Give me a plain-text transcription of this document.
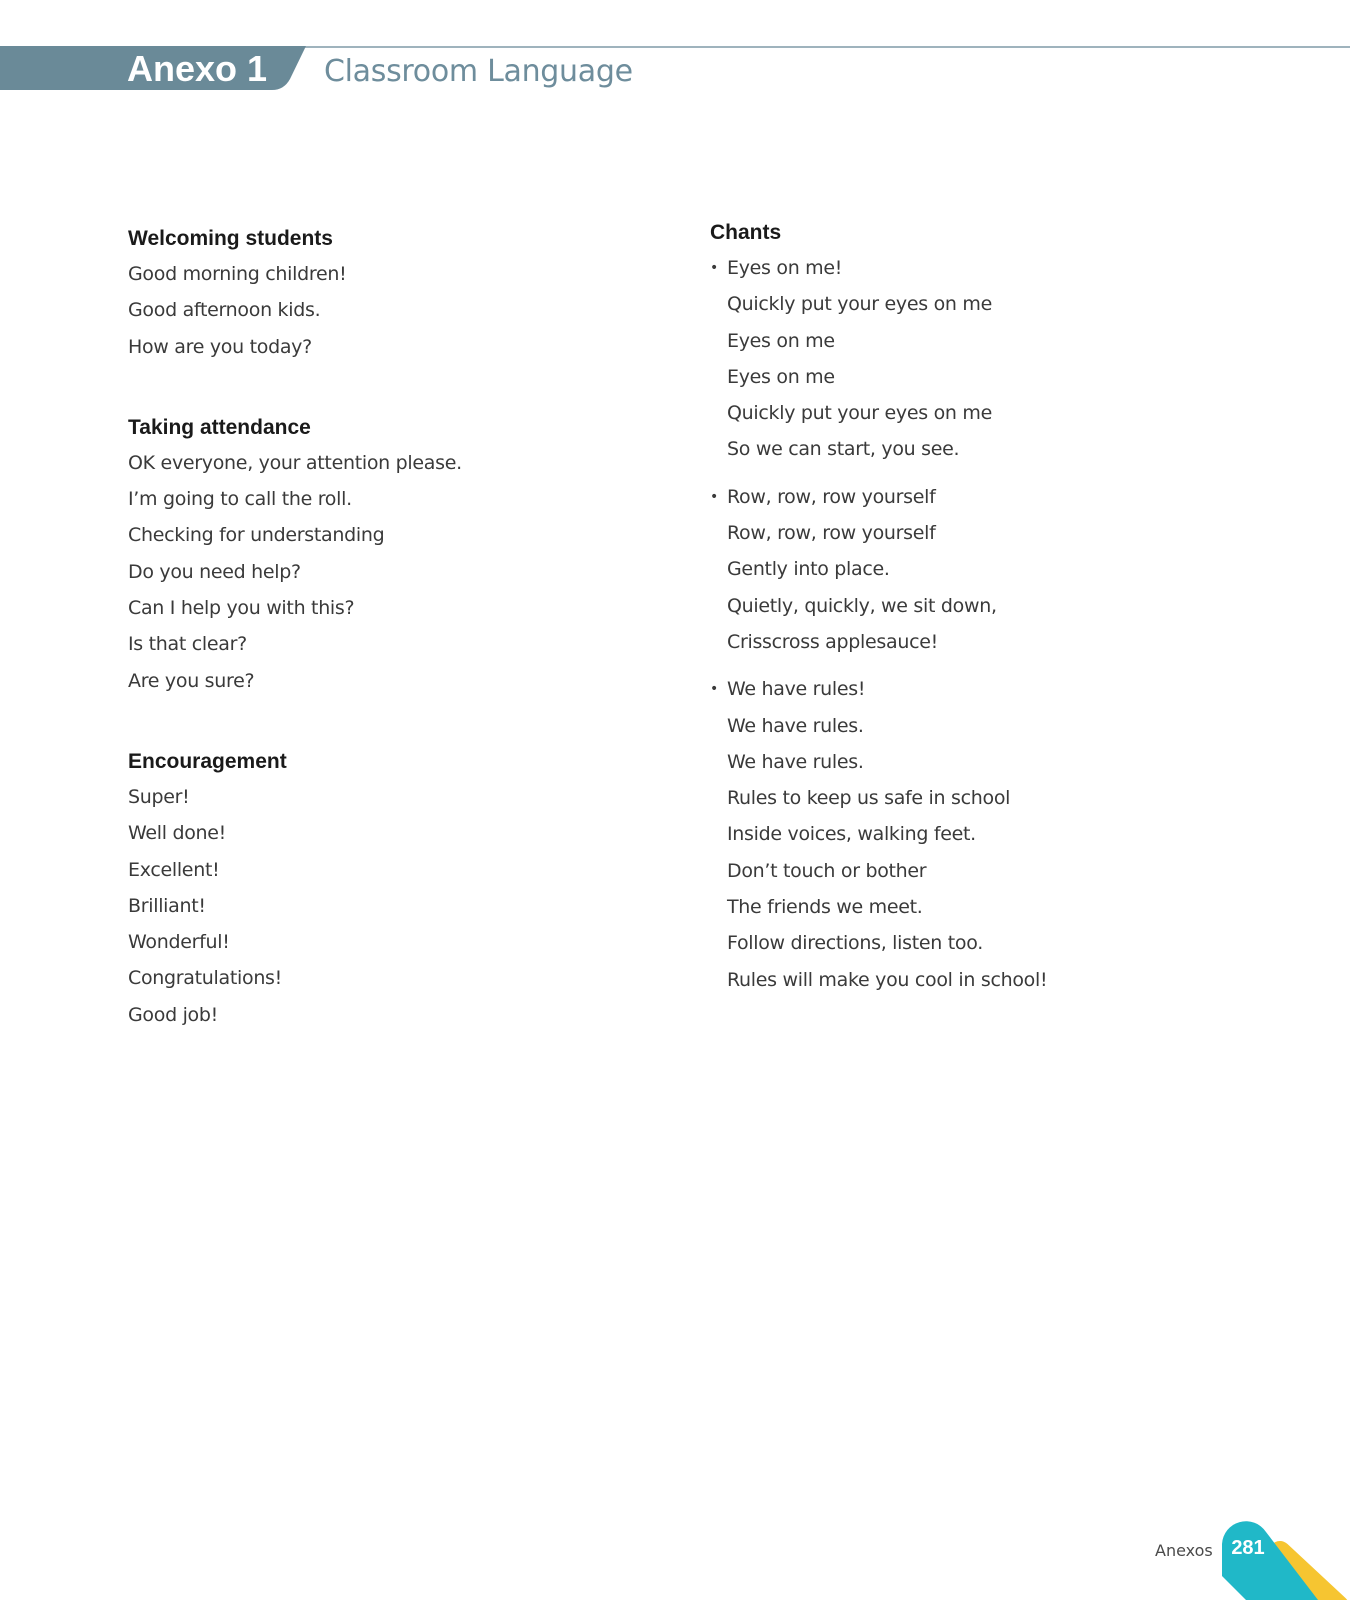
Anexo 1 Classroom Language
Welcoming students
Good morning children!
Good afternoon kids.
How are you today?
Taking attendance
OK everyone, your attention please.
I’m going to call the roll.
Checking for understanding
Do you need help?
Can I help you with this?
Is that clear?
Are you sure?
Encouragement
Super!
Well done!
Excellent!
Brilliant!
Wonderful!
Congratulations!
Good job!
Chants
• Eyes on me!
Quickly put your eyes on me
Eyes on me
Eyes on me
Quickly put your eyes on me
So we can start, you see.
• Row, row, row yourself
Row, row, row yourself
Gently into place.
Quietly, quickly, we sit down,
Crisscross applesauce!
• We have rules!
We have rules.
We have rules.
Rules to keep us safe in school
Inside voices, walking feet.
Don’t touch or bother
The friends we meet.
Follow directions, listen too.
Rules will make you cool in school!
Anexos 281
